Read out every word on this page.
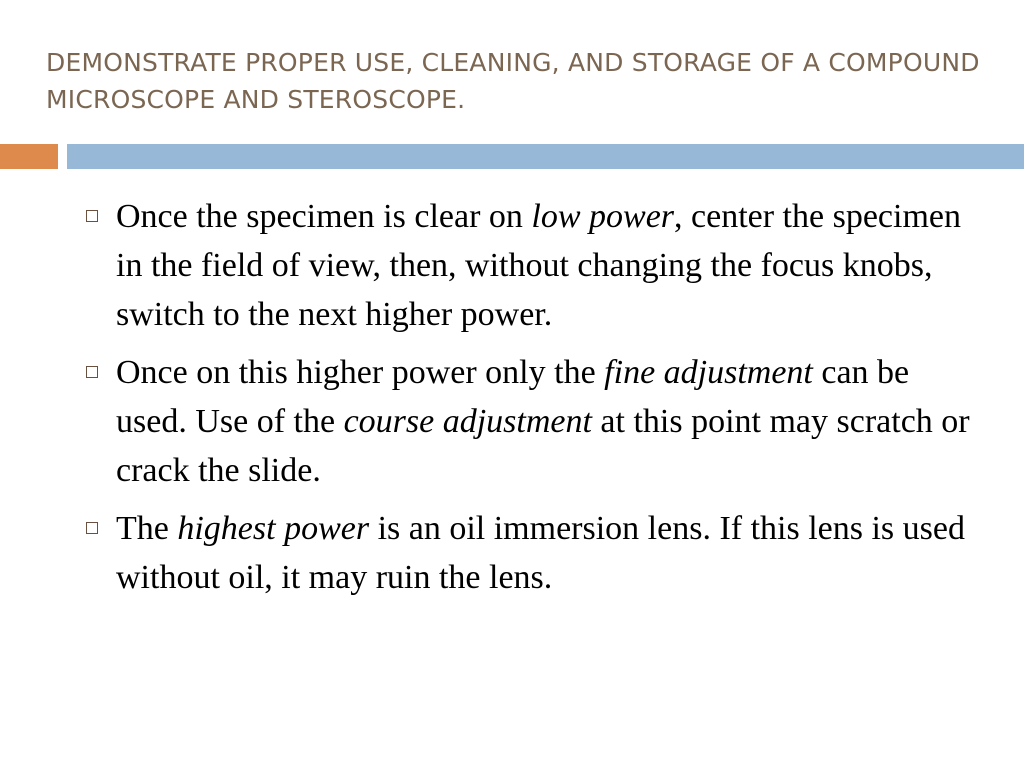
DEMONSTRATE PROPER USE, CLEANING, AND STORAGE OF A COMPOUND MICROSCOPE AND STEROSCOPE.
Once the specimen is clear on low power, center the specimen in the field of view, then, without changing the focus knobs, switch to the next higher power.
Once on this higher power only the fine adjustment can be used. Use of the course adjustment at this point may scratch or crack the slide.
The highest power is an oil immersion lens. If this lens is used without oil, it may ruin the lens.
